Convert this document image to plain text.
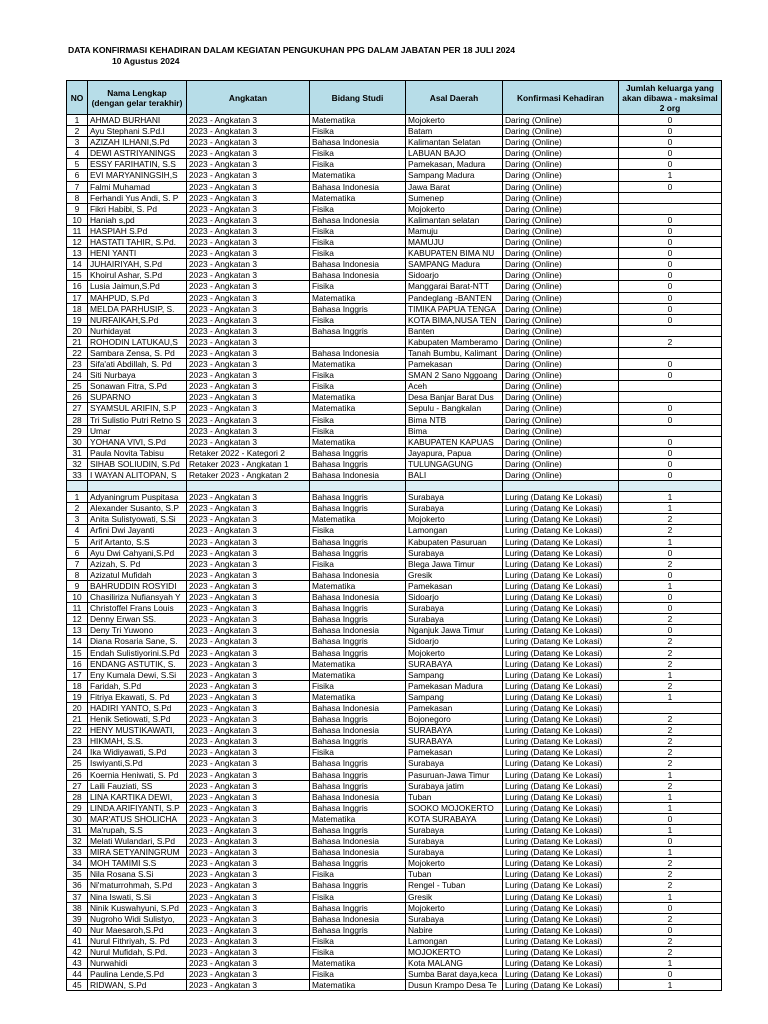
DATA KONFIRMASI KEHADIRAN DALAM KEGIATAN PENGUKUHAN PPG DALAM JABATAN PER 18 JULI 2024
10 Agustus 2024
NO	Nama Lengkap (dengan gelar terakhir)	Angkatan	Bidang Studi	Asal Daerah	Konfirmasi Kehadiran	Jumlah keluarga yang akan dibawa - maksimal 2 org
1	AHMAD BURHANI	2023 - Angkatan 3	Matematika	Mojokerto	Daring (Online)	0
2	Ayu Stephani S.Pd.I	2023 - Angkatan 3	Fisika	Batam	Daring (Online)	0
3	AZIZAH ILHANI,S.Pd	2023 - Angkatan 3	Bahasa Indonesia	Kalimantan Selatan	Daring (Online)	0
4	DEWI ASTRIYANINGS	2023 - Angkatan 3	Fisika	LABUAN BAJO	Daring (Online)	0
5	ESSY FARIHATIN, S.S	2023 - Angkatan 3	Fisika	Pamekasan, Madura	Daring (Online)	0
6	EVI MARYANINGSIH,S	2023 - Angkatan 3	Matematika	Sampang Madura	Daring (Online)	1
7	Falmi Muhamad	2023 - Angkatan 3	Bahasa Indonesia	Jawa Barat	Daring (Online)	0
8	Ferhandi Yus Andi, S. P	2023 - Angkatan 3	Matematika	Sumenep	Daring (Online)	
9	Fikri Habibi, S. Pd	2023 - Angkatan 3	Fisika	Mojokerto	Daring (Online)	
10	Haniah s,pd	2023 - Angkatan 3	Bahasa Indonesia	Kalimantan selatan	Daring (Online)	0
11	HASPIAH S.Pd	2023 - Angkatan 3	Fisika	Mamuju	Daring (Online)	0
12	HASTATI TAHIR, S.Pd.	2023 - Angkatan 3	Fisika	MAMUJU	Daring (Online)	0
13	HENI YANTI	2023 - Angkatan 3	Fisika	KABUPATEN BIMA NU	Daring (Online)	0
14	JUHAIRIYAH, S.Pd	2023 - Angkatan 3	Bahasa Indonesia	SAMPANG Madura	Daring (Online)	0
15	Khoirul Ashar, S.Pd	2023 - Angkatan 3	Bahasa Indonesia	Sidoarjo	Daring (Online)	0
16	Lusia Jaimun,S.Pd	2023 - Angkatan 3	Fisika	Manggarai Barat-NTT	Daring (Online)	0
17	MAHPUD, S.Pd	2023 - Angkatan 3	Matematika	Pandeglang -BANTEN	Daring (Online)	0
18	MELDA PARHUSIP, S.	2023 - Angkatan 3	Bahasa Inggris	TIMIKA PAPUA TENGA	Daring (Online)	0
19	NURFAIKAH,S.Pd	2023 - Angkatan 3	Fisika	KOTA BIMA,NUSA TEN	Daring (Online)	0
20	Nurhidayat	2023 - Angkatan 3	Bahasa Inggris	Banten	Daring (Online)	
21	ROHODIN LATUKAU,S	2023 - Angkatan 3		Kabupaten Mamberamo	Daring (Online)	2
22	Sambara Zensa, S. Pd	2023 - Angkatan 3	Bahasa Indonesia	Tanah Bumbu, Kalimant	Daring (Online)	
23	Sifa'ati Abdillah, S. Pd	2023 - Angkatan 3	Matematika	Pamekasan	Daring (Online)	0
24	Siti Nurbaya	2023 - Angkatan 3	Fisika	SMAN 2 Sano Nggoang	Daring (Online)	0
25	Sonawan Fitra, S.Pd	2023 - Angkatan 3	Fisika	Aceh	Daring (Online)	
26	SUPARNO	2023 - Angkatan 3	Matematika	Desa Banjar Barat Dus	Daring (Online)	
27	SYAMSUL ARIFIN, S.P	2023 - Angkatan 3	Matematika	Sepulu - Bangkalan	Daring (Online)	0
28	Tri Sulistio Putri Retno S	2023 - Angkatan 3	Fisika	Bima NTB	Daring (Online)	0
29	Umar	2023 - Angkatan 3	Fisika	Bima	Daring (Online)	
30	YOHANA VIVI, S.Pd	2023 - Angkatan 3	Matematika	KABUPATEN KAPUAS	Daring (Online)	0
31	Paula Novita Tabisu	Retaker 2022 - Kategori 2	Bahasa Inggris	Jayapura, Papua	Daring (Online)	0
32	SIHAB SOLIUDIN, S.Pd	Retaker 2023 - Angkatan 1	Bahasa Inggris	TULUNGAGUNG	Daring (Online)	0
33	I WAYAN ALITOPAN, S	Retaker 2023 - Angkatan 2	Bahasa Indonesia	BALI	Daring (Online)	0

1	Adyaningrum Puspitasa	2023 - Angkatan 3	Bahasa Inggris	Surabaya	Luring (Datang Ke Lokasi)	1
2	Alexander Susanto, S.P	2023 - Angkatan 3	Bahasa Inggris	Surabaya	Luring (Datang Ke Lokasi)	1
3	Anita Sulistyowati, S.Si	2023 - Angkatan 3	Matematika	Mojokerto	Luring (Datang Ke Lokasi)	2
4	Arfini Dwi Jayanti	2023 - Angkatan 3	Fisika	Lamongan	Luring (Datang Ke Lokasi)	2
5	Arif Artanto, S.S	2023 - Angkatan 3	Bahasa Inggris	Kabupaten Pasuruan	Luring (Datang Ke Lokasi)	1
6	Ayu Dwi Cahyani,S.Pd	2023 - Angkatan 3	Bahasa Inggris	Surabaya	Luring (Datang Ke Lokasi)	0
7	Azizah, S. Pd	2023 - Angkatan 3	Fisika	Blega Jawa Timur	Luring (Datang Ke Lokasi)	2
8	Azizatul Mufidah	2023 - Angkatan 3	Bahasa Indonesia	Gresik	Luring (Datang Ke Lokasi)	0
9	BAHRUDDIN ROSYIDI	2023 - Angkatan 3	Matematika	Pamekasan	Luring (Datang Ke Lokasi)	1
10	Chasiliriza Nufiansyah Y	2023 - Angkatan 3	Bahasa Indonesia	Sidoarjo	Luring (Datang Ke Lokasi)	0
11	Christoffel Frans Louis	2023 - Angkatan 3	Bahasa Inggris	Surabaya	Luring (Datang Ke Lokasi)	0
12	Denny Erwan SS.	2023 - Angkatan 3	Bahasa Inggris	Surabaya	Luring (Datang Ke Lokasi)	2
13	Deny Tri Yuwono	2023 - Angkatan 3	Bahasa Indonesia	Nganjuk Jawa Timur	Luring (Datang Ke Lokasi)	0
14	Diana Rosaria Sane, S.	2023 - Angkatan 3	Bahasa Inggris	Sidoarjo	Luring (Datang Ke Lokasi)	2
15	Endah Sulistiyorini.S.Pd	2023 - Angkatan 3	Bahasa Inggris	Mojokerto	Luring (Datang Ke Lokasi)	2
16	ENDANG ASTUTIK, S.	2023 - Angkatan 3	Matematika	SURABAYA	Luring (Datang Ke Lokasi)	2
17	Eny Kumala Dewi, S.Si	2023 - Angkatan 3	Matematika	Sampang	Luring (Datang Ke Lokasi)	1
18	Faridah, S.Pd	2023 - Angkatan 3	Fisika	Pamekasan Madura	Luring (Datang Ke Lokasi)	2
19	Fitriya Ekawati, S. Pd	2023 - Angkatan 3	Matematika	Sampang	Luring (Datang Ke Lokasi)	1
20	HADIRI YANTO, S.Pd	2023 - Angkatan 3	Bahasa Indonesia	Pamekasan	Luring (Datang Ke Lokasi)	
21	Henik Setiowati, S.Pd	2023 - Angkatan 3	Bahasa Inggris	Bojonegoro	Luring (Datang Ke Lokasi)	2
22	HENY MUSTIKAWATI,	2023 - Angkatan 3	Bahasa Indonesia	SURABAYA	Luring (Datang Ke Lokasi)	2
23	HIKMAH, S.S.	2023 - Angkatan 3	Bahasa Inggris	SURABAYA	Luring (Datang Ke Lokasi)	2
24	Ika Widiyawati, S.Pd	2023 - Angkatan 3	Fisika	Pamekasan	Luring (Datang Ke Lokasi)	2
25	Iswiyanti,S.Pd	2023 - Angkatan 3	Bahasa Inggris	Surabaya	Luring (Datang Ke Lokasi)	2
26	Koernia Heniwati, S. Pd	2023 - Angkatan 3	Bahasa Inggris	Pasuruan-Jawa Timur	Luring (Datang Ke Lokasi)	1
27	Laili Fauziati, SS	2023 - Angkatan 3	Bahasa Inggris	Surabaya jatim	Luring (Datang Ke Lokasi)	2
28	LINA KARTIKA DEWI,	2023 - Angkatan 3	Bahasa Indonesia	Tuban	Luring (Datang Ke Lokasi)	1
29	LINDA ARIFIYANTI, S.P	2023 - Angkatan 3	Bahasa Inggris	SOOKO MOJOKERTO	Luring (Datang Ke Lokasi)	1
30	MAR'ATUS SHOLICHA	2023 - Angkatan 3	Matematika	KOTA SURABAYA	Luring (Datang Ke Lokasi)	0
31	Ma'rupah, S.S	2023 - Angkatan 3	Bahasa Inggris	Surabaya	Luring (Datang Ke Lokasi)	1
32	Melati Wulandari, S.Pd	2023 - Angkatan 3	Bahasa Indonesia	Surabaya	Luring (Datang Ke Lokasi)	0
33	MIRA SETYANINGRUM	2023 - Angkatan 3	Bahasa Indonesia	Surabaya	Luring (Datang Ke Lokasi)	1
34	MOH TAMIMI S.S	2023 - Angkatan 3	Bahasa Inggris	Mojokerto	Luring (Datang Ke Lokasi)	2
35	Nila Rosana S.Si	2023 - Angkatan 3	Fisika	Tuban	Luring (Datang Ke Lokasi)	2
36	Ni'maturrohmah, S.Pd	2023 - Angkatan 3	Bahasa Inggris	Rengel - Tuban	Luring (Datang Ke Lokasi)	2
37	Nina Iswati, S.Si	2023 - Angkatan 3	Fisika	Gresik	Luring (Datang Ke Lokasi)	1
38	Ninik Kuswahyuni, S.Pd	2023 - Angkatan 3	Bahasa Inggris	Mojokerto	Luring (Datang Ke Lokasi)	0
39	Nugroho Widi Sulistyo,	2023 - Angkatan 3	Bahasa Indonesia	Surabaya	Luring (Datang Ke Lokasi)	2
40	Nur Maesaroh,S.Pd	2023 - Angkatan 3	Bahasa Inggris	Nabire	Luring (Datang Ke Lokasi)	0
41	Nurul Fithriyah, S. Pd	2023 - Angkatan 3	Fisika	Lamongan	Luring (Datang Ke Lokasi)	2
42	Nurul Mufidah, S.Pd.	2023 - Angkatan 3	Fisika	MOJOKERTO	Luring (Datang Ke Lokasi)	2
43	Nurwahidi	2023 - Angkatan 3	Matematika	Kota MALANG	Luring (Datang Ke Lokasi)	1
44	Paulina Lende,S.Pd	2023 - Angkatan 3	Fisika	Sumba Barat daya,keca	Luring (Datang Ke Lokasi)	0
45	RIDWAN, S.Pd	2023 - Angkatan 3	Matematika	Dusun Krampo Desa Te	Luring (Datang Ke Lokasi)	1
